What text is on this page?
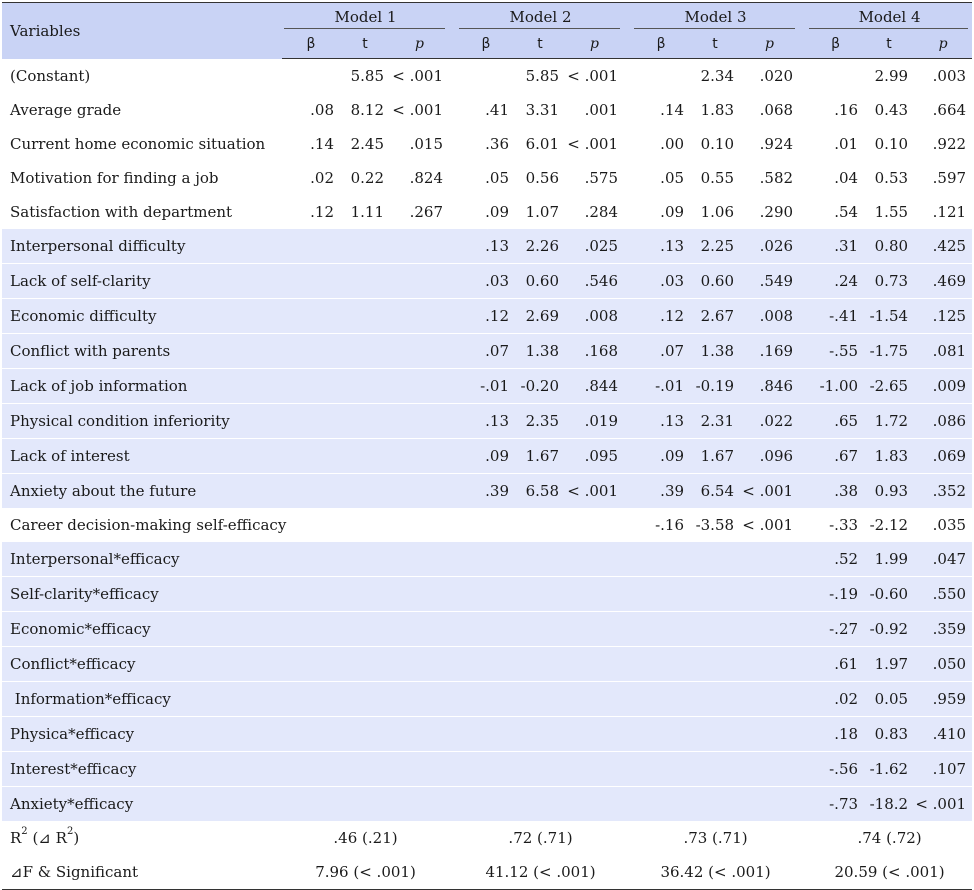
Variables	Model 1				Model 2				Model 3				Model 4		

	β	t	p		β	t	p		β	t	p		β	t	p
(Constant)		5.85	< .001			5.85	< .001			2.34	.020			2.99	.003
Average grade	.08	8.12	< .001		.41	3.31	.001		.14	1.83	.068		.16	0.43	.664
Current home economic situation	.14	2.45	.015		.36	6.01	< .001		.00	0.10	.924		.01	0.10	.922
Motivation for finding a job	.02	0.22	.824		.05	0.56	.575		.05	0.55	.582		.04	0.53	.597
Satisfaction with department	.12	1.11	.267		.09	1.07	.284		.09	1.06	.290		.54	1.55	.121
Interpersonal difficulty					.13	2.26	.025		.13	2.25	.026		.31	0.80	.425
Lack of self-clarity					.03	0.60	.546		.03	0.60	.549		.24	0.73	.469
Economic difficulty					.12	2.69	.008		.12	2.67	.008		-.41	-1.54	.125
Conflict with parents					.07	1.38	.168		.07	1.38	.169		-.55	-1.75	.081
Lack of job information					-.01	-0.20	.844		-.01	-0.19	.846		-1.00	-2.65	.009
Physical condition inferiority					.13	2.35	.019		.13	2.31	.022		.65	1.72	.086
Lack of interest					.09	1.67	.095		.09	1.67	.096		.67	1.83	.069
Anxiety about the future					.39	6.58	< .001		.39	6.54	< .001		.38	0.93	.352
Career decision-making self-efficacy									-.16	-3.58	< .001		-.33	-2.12	.035
Interpersonal*efficacy													.52	1.99	.047
Self-clarity*efficacy													-.19	-0.60	.550
Economic*efficacy													-.27	-0.92	.359
Conflict*efficacy													.61	1.97	.050
Information*efficacy													.02	0.05	.959
Physica*efficacy													.18	0.83	.410
Interest*efficacy													-.56	-1.62	.107
Anxiety*efficacy													-.73	-18.2	< .001
$R^2$ (⊿ $R^2$)	.46 (.21)				.72 (.71)				.73 (.71)				.74 (.72)		
⊿F & Significant	7.96 (< .001)				41.12 (< .001)				36.42 (< .001)				20.59 (< .001)		
